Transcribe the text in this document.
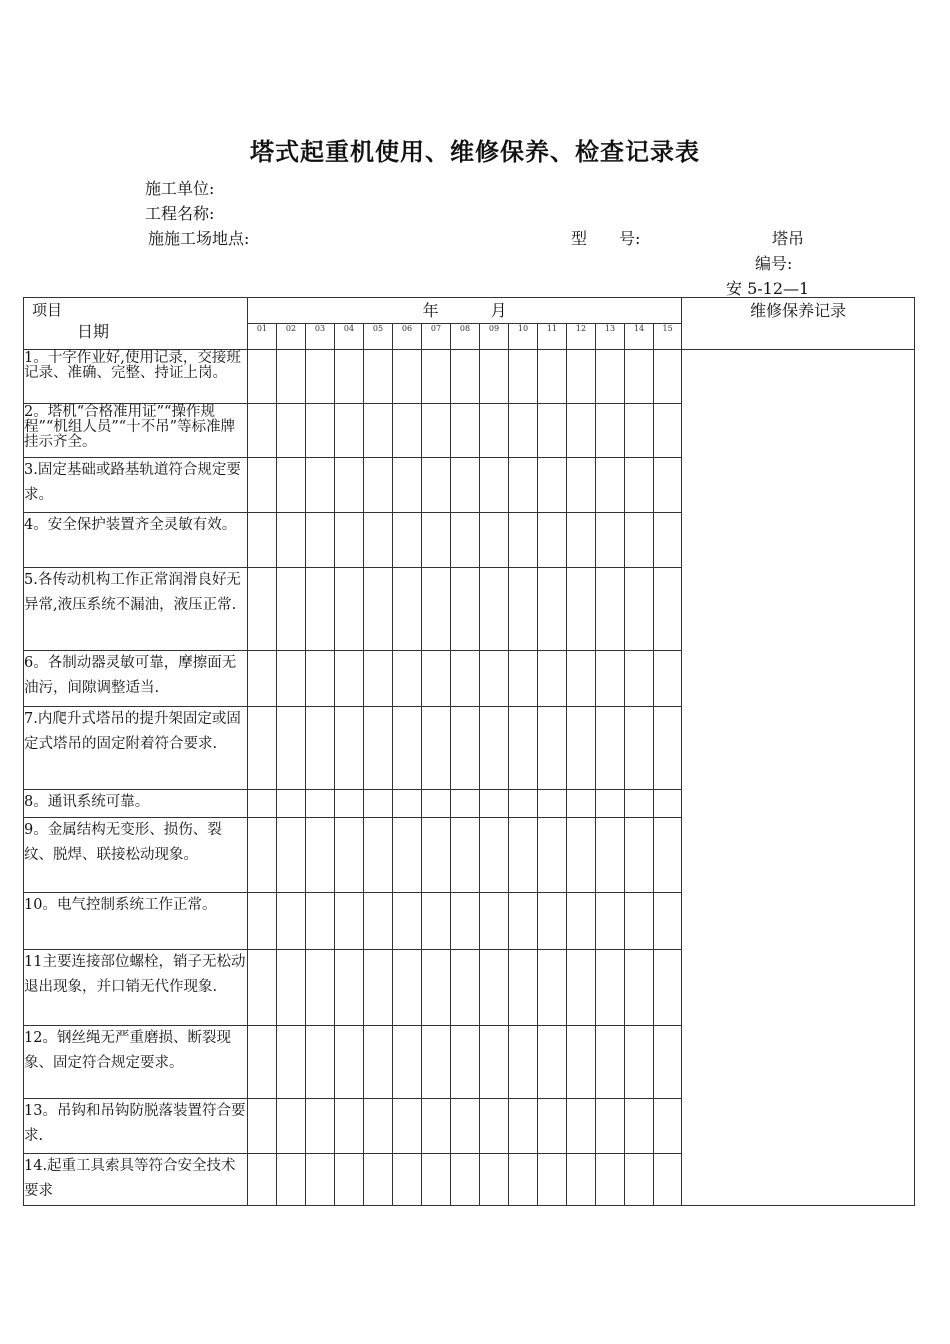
塔式起重机使用、维修保养、检查记录表
施工单位:
工程名称:
施施工场地点:	型　　号:	塔吊
编号:
安 5-12—1
项目
日期	年 月															维修保养记录
	01	02	03	04	05	06	07	08	09	10	11	12	13	14	15	
1。十字作业好,使用记录，交接班记录、准确、完整、持证上岗。																
2。塔机“合格准用证”“操作规程”“机组人员”“十不吊”等标准牌挂示齐全。																
3.固定基础或路基轨道符合规定要求。																
4。安全保护装置齐全灵敏有效。																
5.各传动机构工作正常润滑良好无异常,液压系统不漏油，液压正常.																
6。各制动器灵敏可靠，摩擦面无油污，间隙调整适当.																
7.内爬升式塔吊的提升架固定或固定式塔吊的固定附着符合要求.																
8。通讯系统可靠。																
9。金属结构无变形、损伤、裂纹、脱焊、联接松动现象。																
10。电气控制系统工作正常。																
11主要连接部位螺栓，销子无松动退出现象，并口销无代作现象.																
12。钢丝绳无严重磨损、断裂现象、固定符合规定要求。																
13。吊钩和吊钩防脱落装置符合要求.																
14.起重工具索具等符合安全技术要求																
